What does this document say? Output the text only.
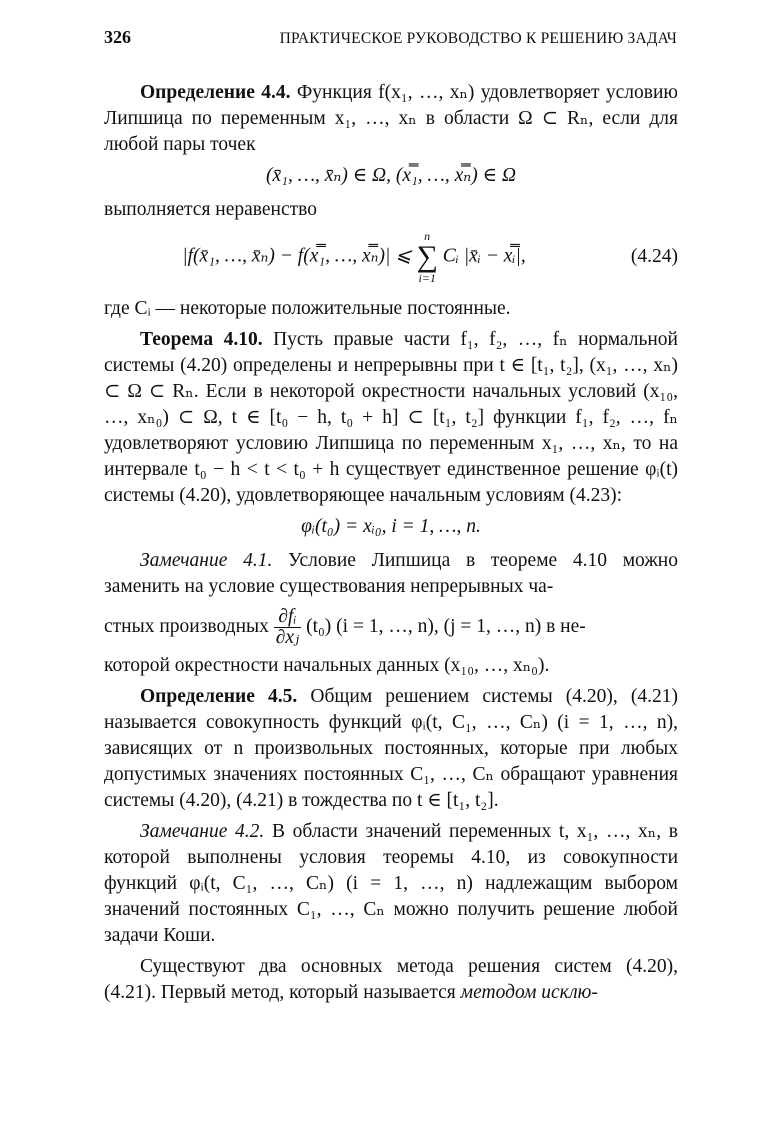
326	ПРАКТИЧЕСКОЕ РУКОВОДСТВО К РЕШЕНИЮ ЗАДАЧ

Определение 4.4. Функция f(x₁, …, xₙ) удовлетворяет условию Липшица по переменным x₁, …, xₙ в области Ω ⊂ Rₙ, если для любой пары точек

(x̄₁, …, x̄ₙ) ∈ Ω, (x̿₁, …, x̿ₙ) ∈ Ω

выполняется неравенство

|f(x̄₁, …, x̄ₙ) − f(x̿₁, …, x̿ₙ)| ⩽
n
∑
i=1
Cᵢ |x̄ᵢ − x̿ᵢ|,	(4.24)

где Cᵢ — некоторые положительные постоянные.

Теорема 4.10. Пусть правые части f₁, f₂, …, fₙ нормальной системы (4.20) определены и непрерывны при t ∈ [t₁, t₂], (x₁, …, xₙ) ⊂ Ω ⊂ Rₙ. Если в некоторой окрестности начальных условий (x₁₀, …, xₙ₀) ⊂ Ω, t ∈ [t₀ − h, t₀ + h] ⊂ [t₁, t₂] функции f₁, f₂, …, fₙ удовлетворяют условию Липшица по переменным x₁, …, xₙ, то на интервале t₀ − h < t < t₀ + h существует единственное решение φᵢ(t) системы (4.20), удовлетворяющее начальным условиям (4.23):

φᵢ(t₀) = xᵢ₀, i = 1, …, n.

Замечание 4.1. Условие Липшица в теореме 4.10 можно заменить на условие существования непрерывных ча-

стных производных $\frac{\text{∂fᵢ}}{\text{∂xⱼ}} (t_0) (i = 1$, …, n), (j = 1, …, n) в не-

которой окрестности начальных данных (x₁₀, …, xₙ₀).

Определение 4.5. Общим решением системы (4.20), (4.21) называется совокупность функций φᵢ(t, C₁, …, Cₙ) (i = 1, …, n), зависящих от n произвольных постоянных, которые при любых допустимых значениях постоянных C₁, …, Cₙ обращают уравнения системы (4.20), (4.21) в тождества по t ∈ [t₁, t₂].

Замечание 4.2. В области значений переменных t, x₁, …, xₙ, в которой выполнены условия теоремы 4.10, из совокупности функций φᵢ(t, C₁, …, Cₙ) (i = 1, …, n) надлежащим выбором значений постоянных C₁, …, Cₙ можно получить решение любой задачи Коши.

Существуют два основных метода решения систем (4.20), (4.21). Первый метод, который называется методом исклю-
